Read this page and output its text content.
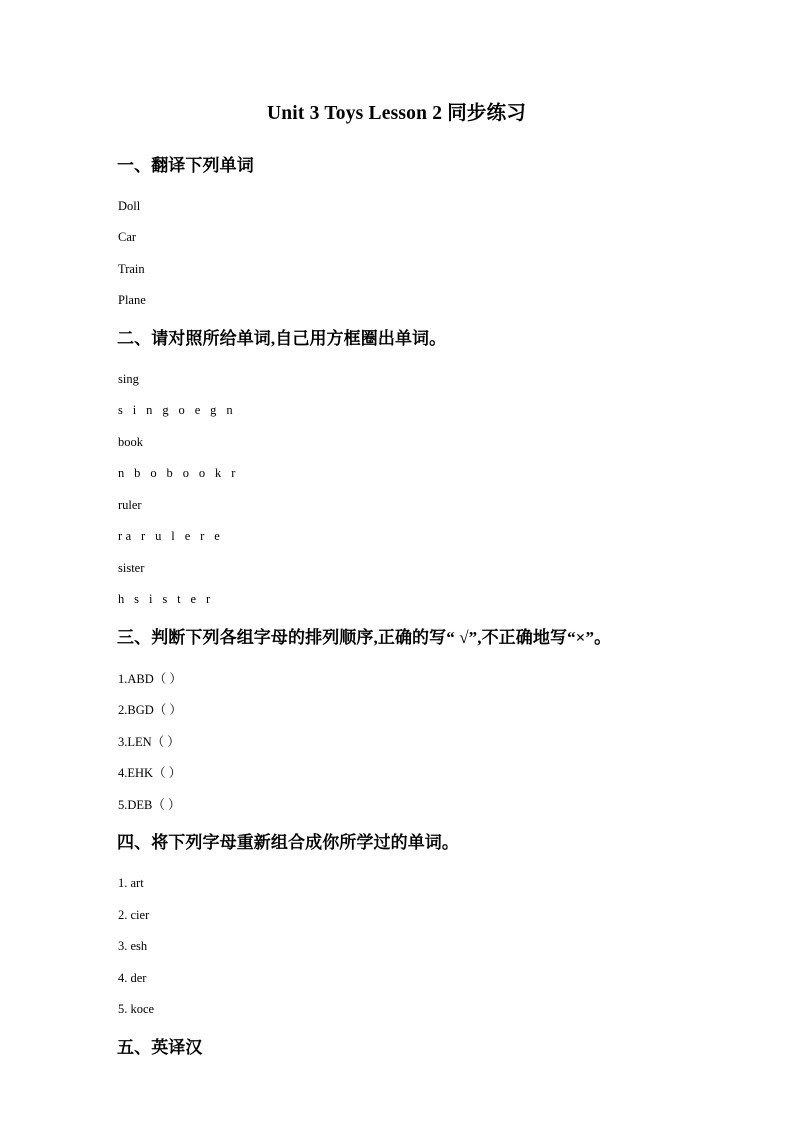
Unit 3 Toys Lesson 2 同步练习
一、翻译下列单词

Doll

Car

Train

Plane

二、请对照所给单词,自己用方框圈出单词。

sing

s i n g o e g n

book

n b o b o o k r

ruler

ra r u l e r e

sister

h s i s t e r

三、判断下列各组字母的排列顺序,正确的写“ √”,不正确地写“×”。

1.ABD（ ）

2.BGD（ ）

3.LEN（ ）

4.EHK（ ）

5.DEB（ ）

四、将下列字母重新组合成你所学过的单词。

1. art

2. cier

3. esh

4. der

5. koce

五、英译汉
